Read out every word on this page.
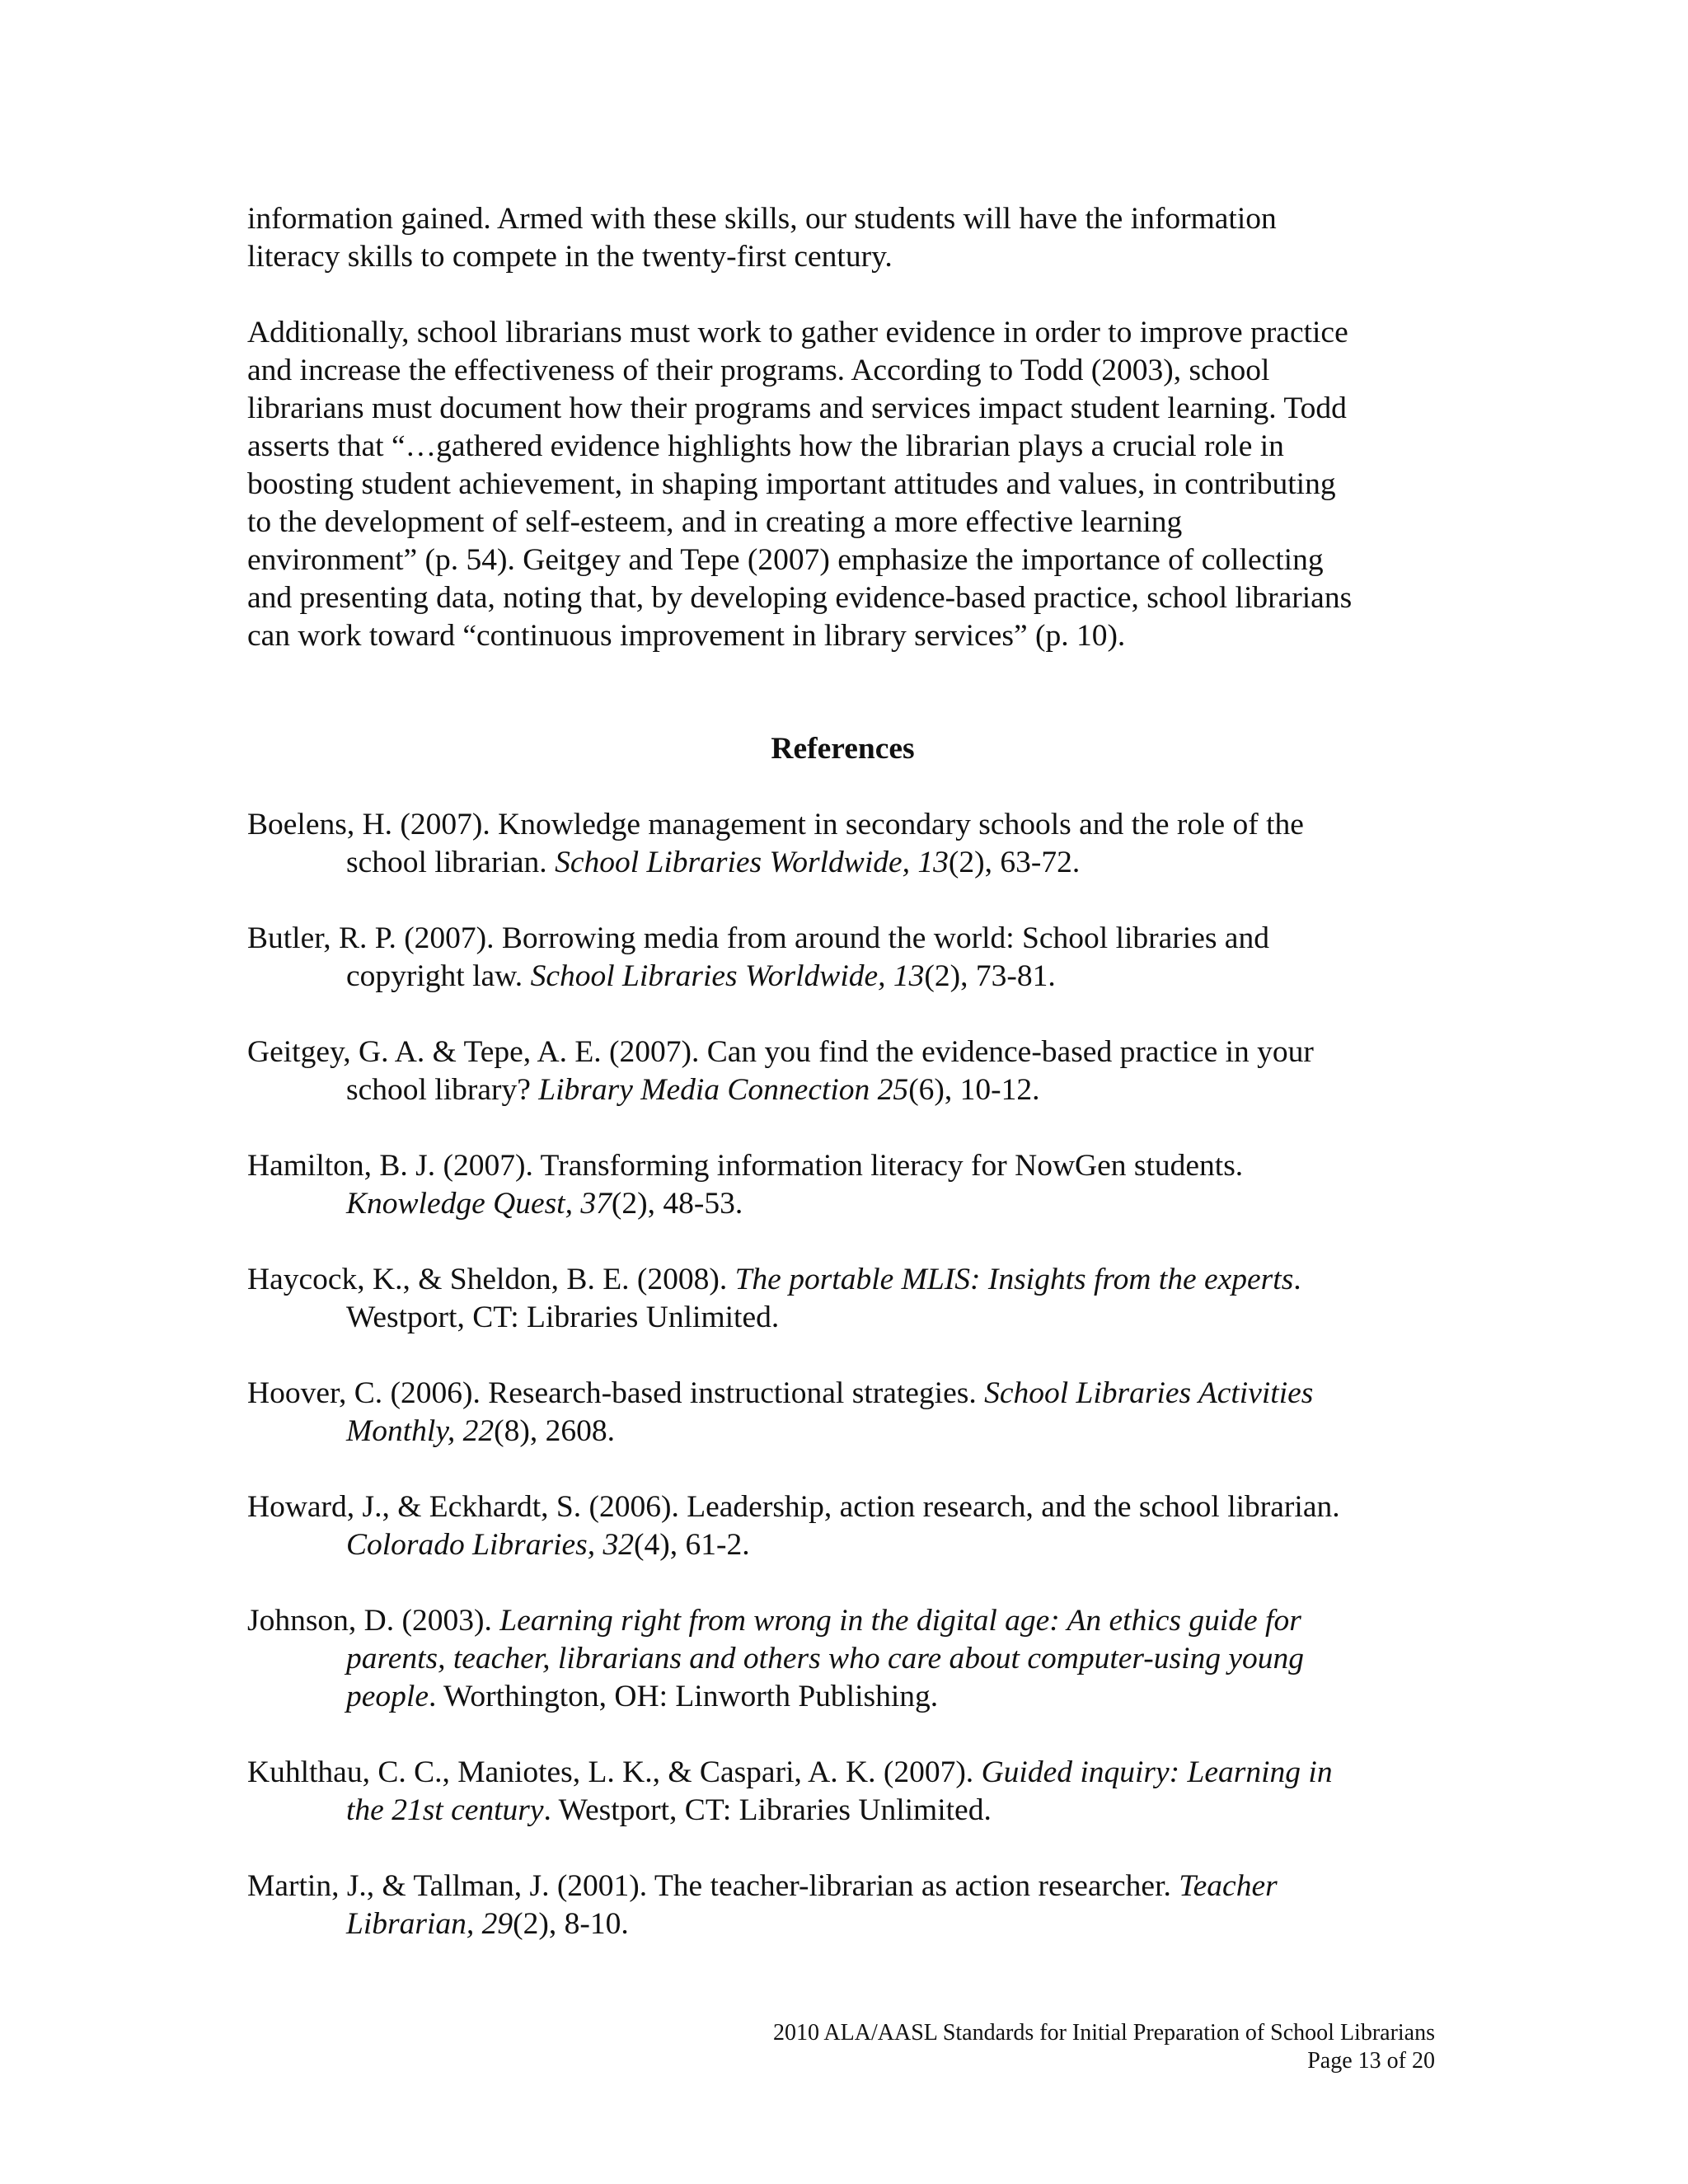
information gained. Armed with these skills, our students will have the information
literacy skills to compete in the twenty-first century.

Additionally, school librarians must work to gather evidence in order to improve practice
and increase the effectiveness of their programs. According to Todd (2003), school
librarians must document how their programs and services impact student learning. Todd
asserts that “…gathered evidence highlights how the librarian plays a crucial role in
boosting student achievement, in shaping important attitudes and values, in contributing
to the development of self-esteem, and in creating a more effective learning
environment” (p. 54). Geitgey and Tepe (2007) emphasize the importance of collecting
and presenting data, noting that, by developing evidence-based practice, school librarians
can work toward “continuous improvement in library services” (p. 10).

References
Boelens, H. (2007). Knowledge management in secondary schools and the role of the
school librarian. School Libraries Worldwide, 13(2), 63-72.
Butler, R. P. (2007). Borrowing media from around the world: School libraries and
copyright law. School Libraries Worldwide, 13(2), 73-81.
Geitgey, G. A. & Tepe, A. E. (2007). Can you find the evidence-based practice in your
school library? Library Media Connection 25(6), 10-12.
Hamilton, B. J. (2007). Transforming information literacy for NowGen students.
Knowledge Quest, 37(2), 48-53.
Haycock, K., & Sheldon, B. E. (2008). The portable MLIS: Insights from the experts.
Westport, CT: Libraries Unlimited.
Hoover, C. (2006). Research-based instructional strategies. School Libraries Activities
Monthly, 22(8), 2608.
Howard, J., & Eckhardt, S. (2006). Leadership, action research, and the school librarian.
Colorado Libraries, 32(4), 61-2.
Johnson, D. (2003). Learning right from wrong in the digital age: An ethics guide for
parents, teacher, librarians and others who care about computer-using young
people. Worthington, OH: Linworth Publishing.
Kuhlthau, C. C., Maniotes, L. K., & Caspari, A. K. (2007). Guided inquiry: Learning in
the 21st century. Westport, CT: Libraries Unlimited.
Martin, J., & Tallman, J. (2001). The teacher-librarian as action researcher. Teacher
Librarian, 29(2), 8-10.
2010 ALA/AASL Standards for Initial Preparation of School Librarians
Page 13 of 20
